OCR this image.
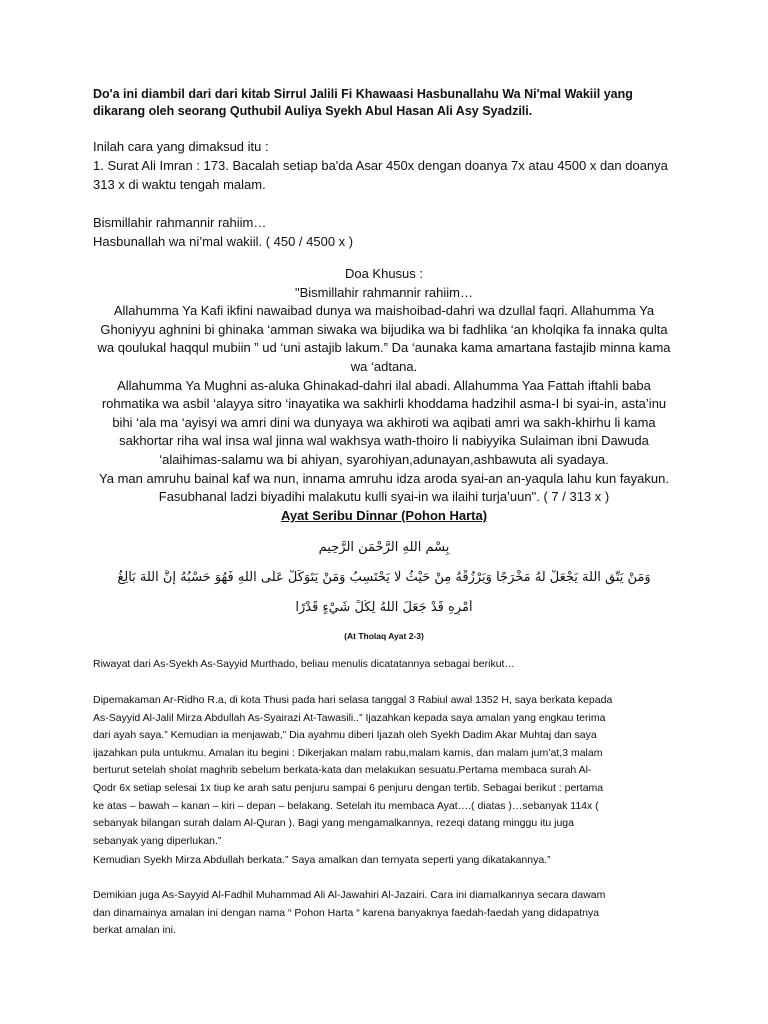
Do'a ini diambil dari dari kitab Sirrul Jalili Fi Khawaasi Hasbunallahu Wa Ni'mal Wakiil yang
dikarang oleh seorang Quthubil Auliya Syekh Abul Hasan Ali Asy Syadzili.
Inilah cara yang dimaksud itu :
1. Surat Ali Imran : 173. Bacalah setiap ba'da Asar 450x dengan doanya 7x atau 4500 x dan doanya
313 x di waktu tengah malam.
Bismillahir rahmannir rahiim…
Hasbunallah wa ni’mal wakiil. ( 450 / 4500 x )
Doa Khusus :
"Bismillahir rahmannir rahiim…
Allahumma Ya Kafi ikfini nawaibad dunya wa maishoibad-dahri wa dzullal faqri. Allahumma Ya
Ghoniyyu aghnini bi ghinaka ‘amman siwaka wa bijudika wa bi fadhlika ‘an kholqika fa innaka qulta
wa qoulukal haqqul mubiin ” ud ‘uni astajib lakum.” Da ‘aunaka kama amartana fastajib minna kama
wa ‘adtana.
Allahumma Ya Mughni as-aluka Ghinakad-dahri ilal abadi. Allahumma Yaa Fattah iftahli baba
rohmatika wa asbil ‘alayya sitro ‘inayatika wa sakhirli khoddama hadzihil asma-I bi syai-in, asta’inu
bihi ‘ala ma ‘ayisyi wa amri dini wa dunyaya wa akhiroti wa aqibati amri wa sakh-khirhu li kama
sakhortar riha wal insa wal jinna wal wakhsya wath-thoiro li nabiyyika Sulaiman ibni Dawuda
‘alaihimas-salamu wa bi ahiyan, syarohiyan,adunayan,ashbawuta ali syadaya.
Ya man amruhu bainal kaf wa nun, innama amruhu idza aroda syai-an an-yaqula lahu kun fayakun.
Fasubhanal ladzi biyadihi malakutu kulli syai-in wa ilaihi turja’uun". ( 7 / 313 x )
Ayat Seribu Dinnar (Pohon Harta)
بِسْمِ اللَّهِ الرَّحْمَنِ الرَّحِيمِ
وَمَنْ يَتَّقِ اللَّهَ يَجْعَلْ لَهُ مَخْرَجًا وَيَرْزُقْهُ مِنْ حَيْثُ لَا يَحْتَسِبُ وَمَنْ يَتَوَكَّلْ عَلَى اللَّهِ فَهُوَ حَسْبُهُ إِنَّ اللَّهَ بَالِغُ
أَمْرِهِ قَدْ جَعَلَ اللَّهُ لِكُلِّ شَيْءٍ قَدْرًا
(At Tholaq Ayat 2-3)
Riwayat dari As-Syekh As-Sayyid Murthado, beliau menulis dicatatannya sebagai berikut…
Dipemakaman Ar-Ridho R.a, di kota Thusi pada hari selasa tanggal 3 Rabiul awal 1352 H, saya berkata kepada
As-Sayyid Al-Jalil Mirza Abdullah As-Syairazi At-Tawasili..” Ijazahkan kepada saya amalan yang engkau terima
dari ayah saya.” Kemudian ia menjawab,” Dia ayahmu diberi Ijazah oleh Syekh Dadim Akar Muhtaj dan saya
ijazahkan pula untukmu. Amalan itu begini : Dikerjakan malam rabu,malam kamis, dan malam jum’at,3 malam
berturut setelah sholat maghrib sebelum berkata-kata dan melakukan sesuatu.Pertama membaca surah Al-
Qodr 6x setiap selesai 1x tiup ke arah satu penjuru sampai 6 penjuru dengan tertib. Sebagai berikut : pertama
ke atas – bawah – kanan – kiri – depan – belakang. Setelah itu membaca Ayat….( diatas )…sebanyak 114x (
sebanyak bilangan surah dalam Al-Quran ). Bagi yang mengamalkannya, rezeqi datang minggu itu juga
sebanyak yang diperlukan.”
Kemudian Syekh Mirza Abdullah berkata.” Saya amalkan dan ternyata seperti yang dikatakannya.”
Demikian juga As-Sayyid Al-Fadhil Muhammad Ali Al-Jawahiri Al-Jazairi. Cara ini diamalkannya secara dawam
dan dinamainya amalan ini dengan nama “ Pohon Harta “ karena banyaknya faedah-faedah yang didapatnya
berkat amalan ini.
